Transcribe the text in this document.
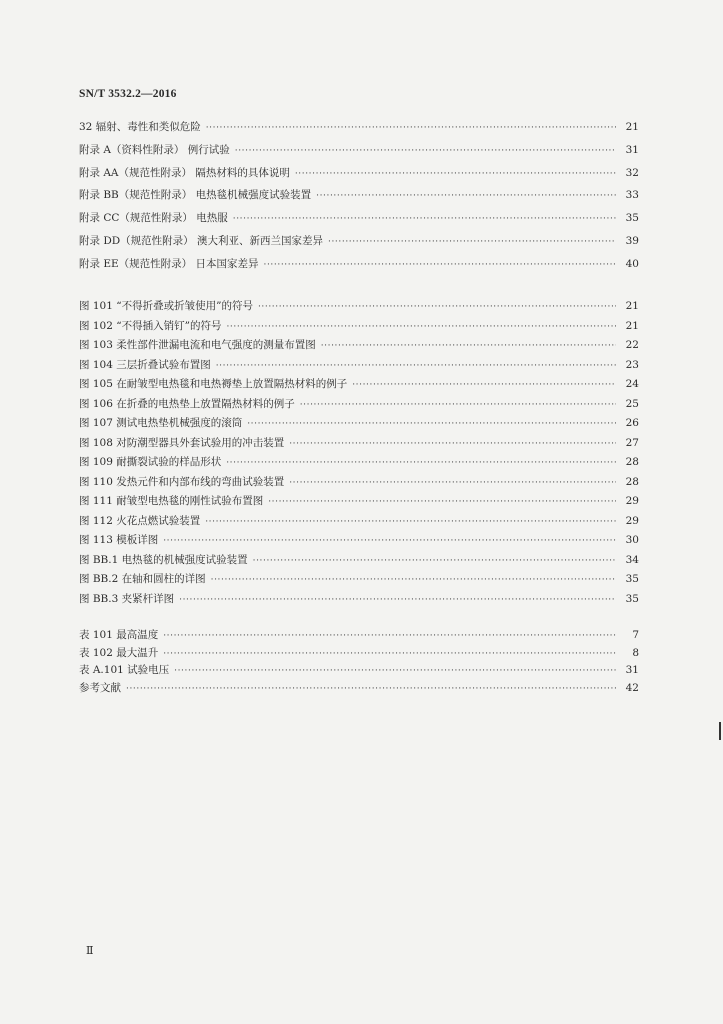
SN/T 3532.2—2016
32 辐射、毒性和类似危险 ·····	21
附录 A（资料性附录） 例行试验 ·····	31
附录 AA（规范性附录） 隔热材料的具体说明 ·····	32
附录 BB（规范性附录） 电热毯机械强度试验装置 ·····	33
附录 CC（规范性附录） 电热服 ·····	35
附录 DD（规范性附录） 澳大利亚、新西兰国家差异 ·····	39
附录 EE（规范性附录） 日本国家差异 ·····	40
图 101 “不得折叠或折皱使用”的符号 ·····	21
图 102 “不得插入销钉”的符号 ·····	21
图 103 柔性部件泄漏电流和电气强度的测量布置图 ·····	22
图 104 三层折叠试验布置图 ·····	23
图 105 在耐皱型电热毯和电热褥垫上放置隔热材料的例子 ·····	24
图 106 在折叠的电热垫上放置隔热材料的例子 ·····	25
图 107 测试电热垫机械强度的滚筒 ·····	26
图 108 对防潮型器具外套试验用的冲击装置 ·····	27
图 109 耐撕裂试验的样品形状 ·····	28
图 110 发热元件和内部布线的弯曲试验装置 ·····	28
图 111 耐皱型电热毯的刚性试验布置图 ·····	29
图 112 火花点燃试验装置 ·····	29
图 113 模板详图 ·····	30
图 BB.1 电热毯的机械强度试验装置 ·····	34
图 BB.2 在轴和圆柱的详图 ·····	35
图 BB.3 夹紧杆详图 ·····	35
表 101 最高温度 ·····	7
表 102 最大温升 ·····	8
表 A.101 试验电压 ·····	31
参考文献 ·····	42
Ⅱ
